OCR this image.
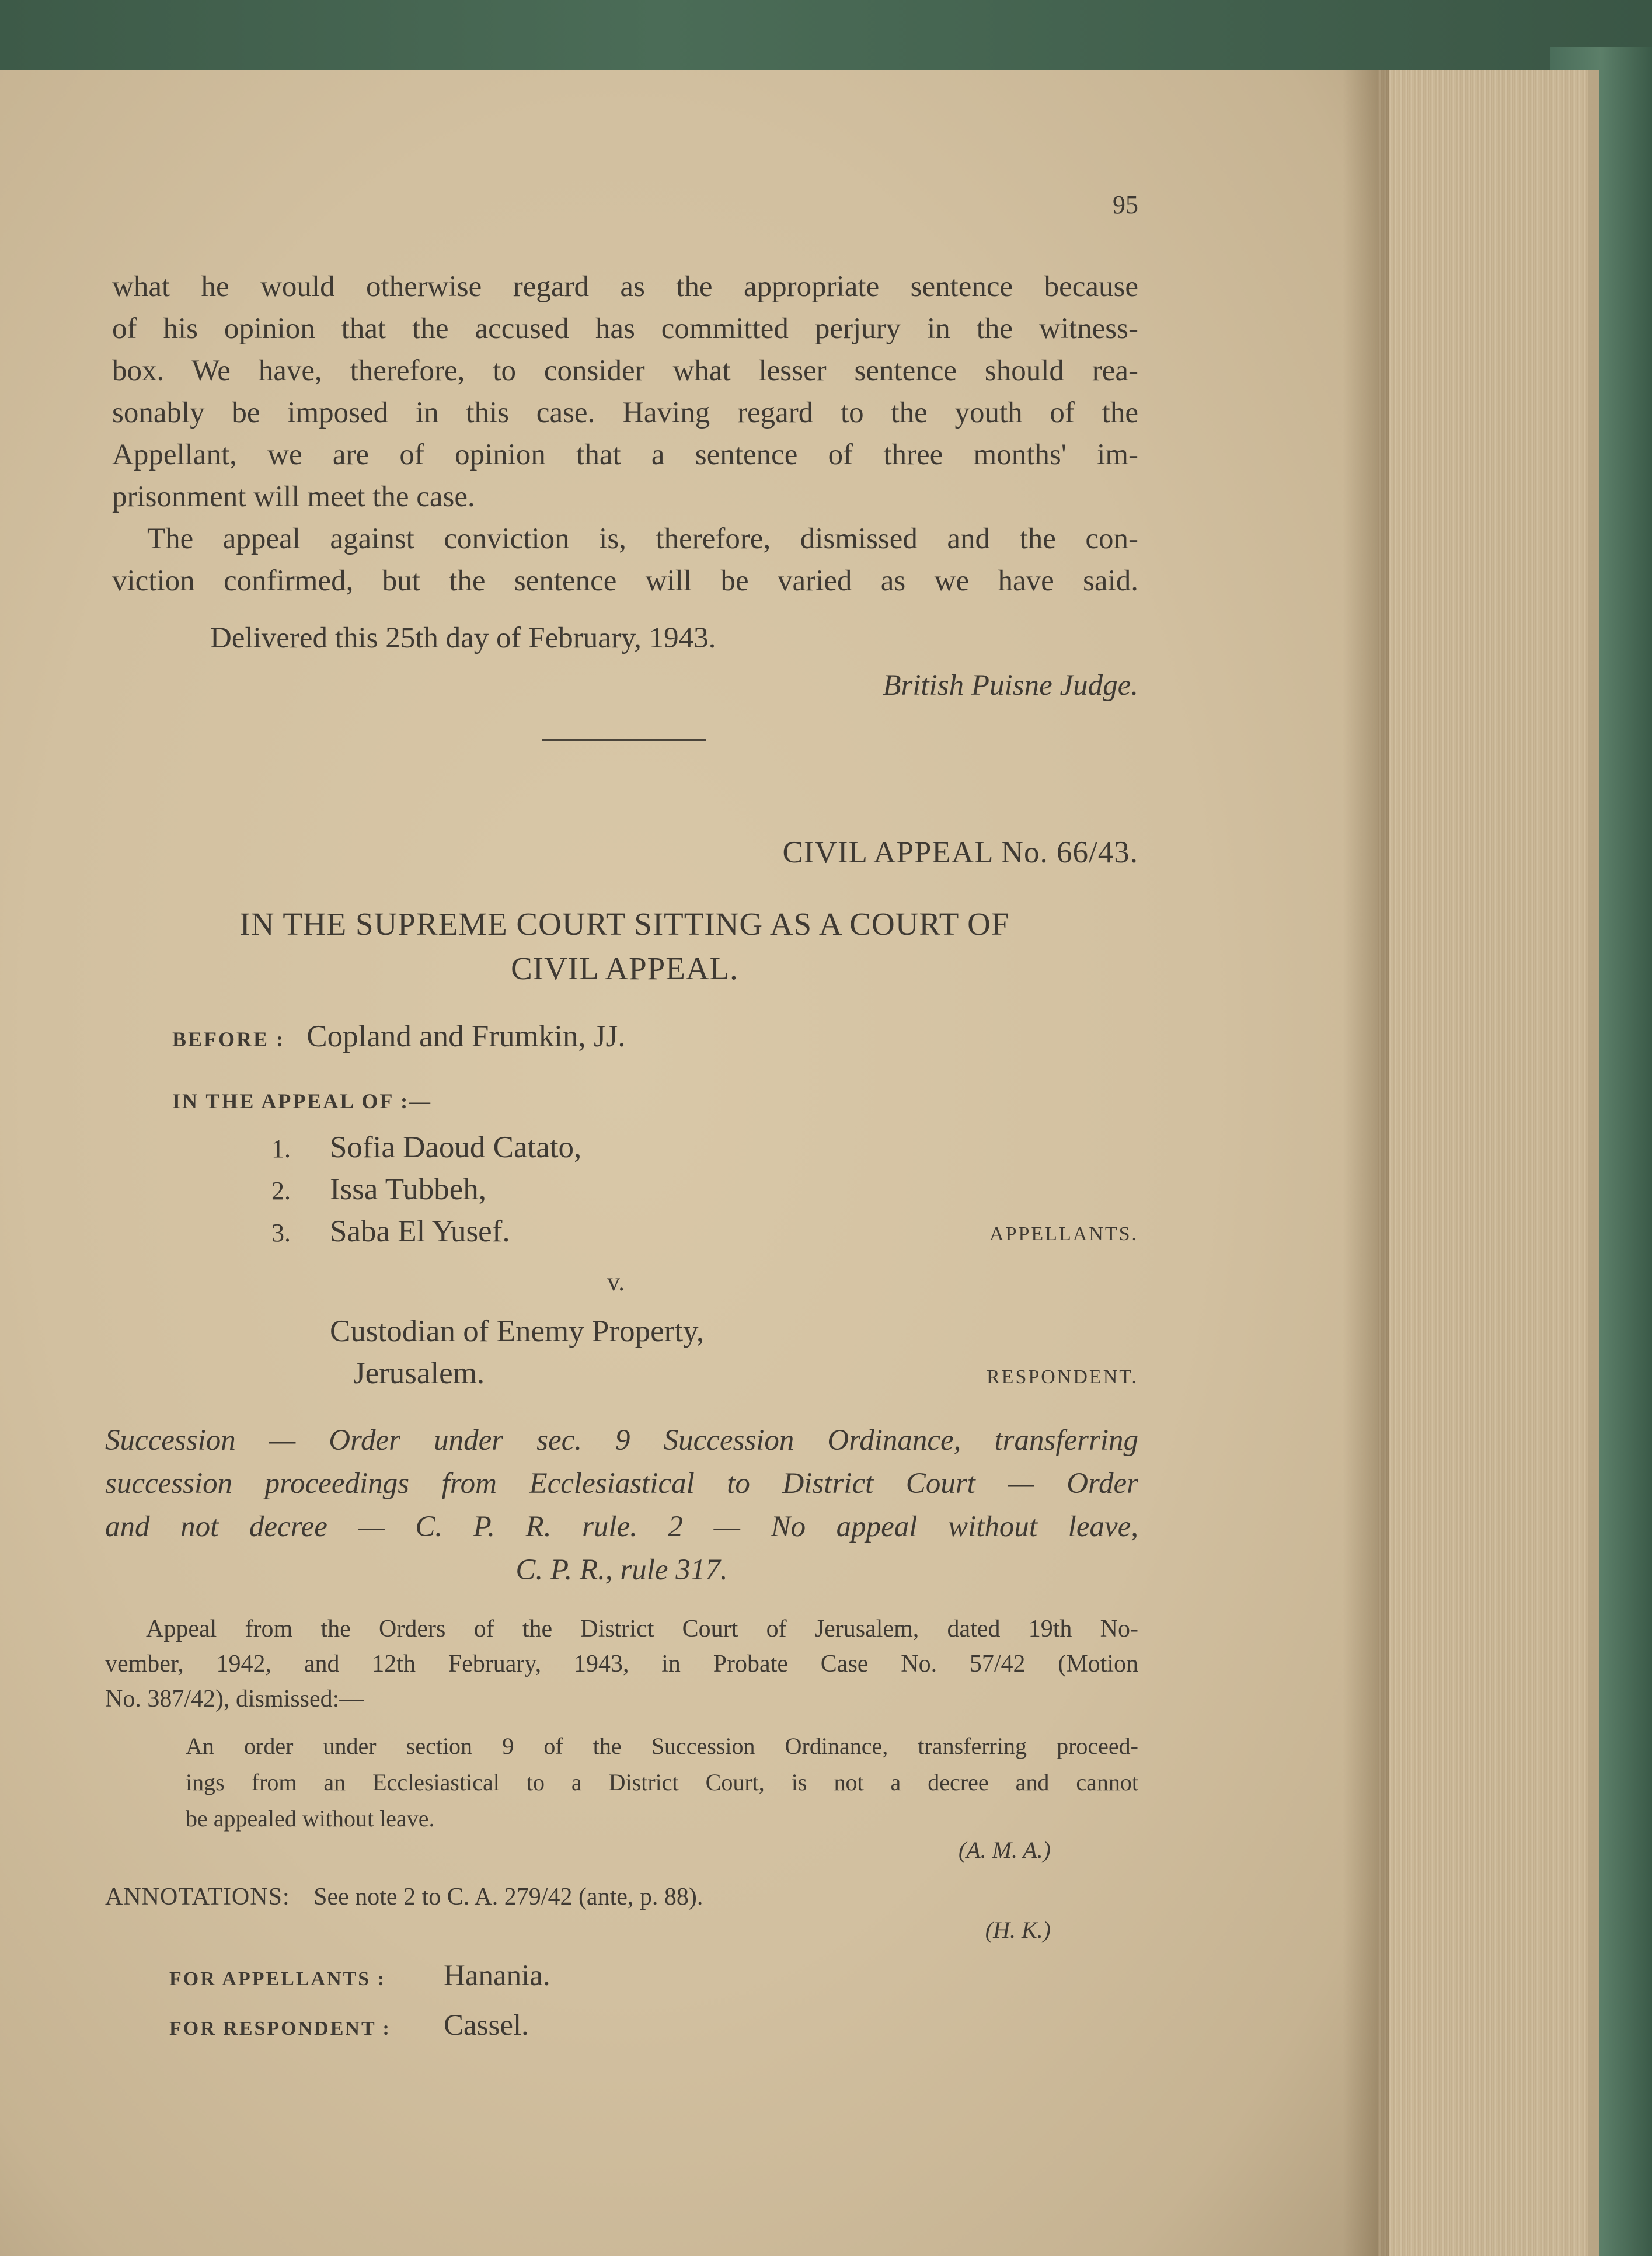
95

what he would otherwise regard as the appropriate sentence because
of his opinion that the accused has committed perjury in the witness-
box. We have, therefore, to consider what lesser sentence should rea-
sonably be imposed in this case. Having regard to the youth of the
Appellant, we are of opinion that a sentence of three months' im-
prisonment will meet the case.

The appeal against conviction is, therefore, dismissed and the con-
viction confirmed, but the sentence will be varied as we have said.

Delivered this 25th day of February, 1943.
British Puisne Judge.
CIVIL APPEAL No. 66/43.
IN THE SUPREME COURT SITTING AS A COURT OF
CIVIL APPEAL.
BEFORE : Copland and Frumkin, JJ.
IN THE APPEAL OF :—
1. Sofia Daoud Catato,
2. Issa Tubbeh,
3. Saba El Yusef.	APPELLANTS.
v.
Custodian of Enemy Property,
Jerusalem.	RESPONDENT.
Succession — Order under sec. 9 Succession Ordinance, transferring
succession proceedings from Ecclesiastical to District Court — Order
and not decree — C. P. R. rule. 2 — No appeal without leave,
C. P. R., rule 317.

Appeal from the Orders of the District Court of Jerusalem, dated 19th No-
vember, 1942, and 12th February, 1943, in Probate Case No. 57/42 (Motion
No. 387/42), dismissed:—

An order under section 9 of the Succession Ordinance, transferring proceed-
ings from an Ecclesiastical to a District Court, is not a decree and cannot
be appealed without leave.

(A. M. A.)
ANNOTATIONS: See note 2 to C. A. 279/42 (ante, p. 88).
(H. K.)
FOR APPELLANTS : Hanania.
FOR RESPONDENT : Cassel.
